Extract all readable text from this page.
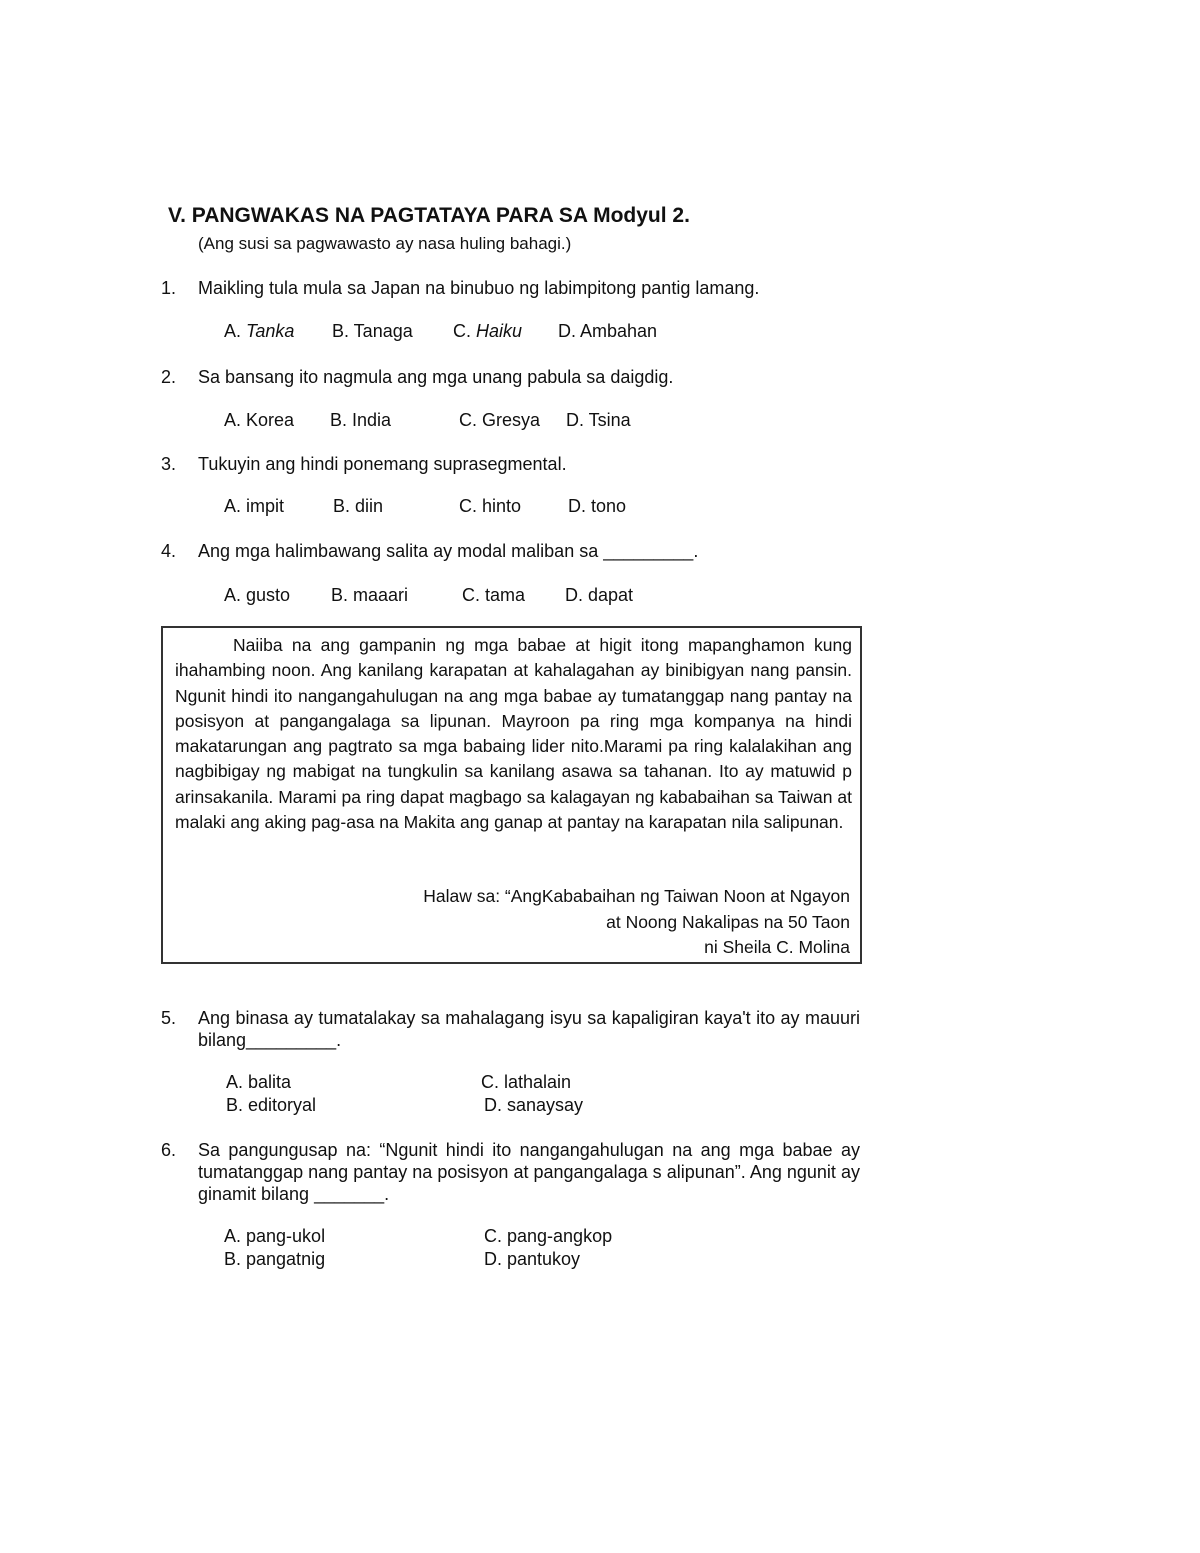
V. PANGWAKAS NA PAGTATAYA PARA SA Modyul 2.
(Ang susi sa pagwawasto ay nasa huling bahagi.)
1. Maikling tula mula sa Japan na binubuo ng labimpitong pantig lamang.
A. Tanka B. Tanaga C. Haiku D. Ambahan
2. Sa bansang ito nagmula ang mga unang pabula sa daigdig.
A. Korea B. India	C. Gresya D. Tsina
3. Tukuyin ang hindi ponemang suprasegmental.
A. impit	B. diin	C. hinto	D. tono
4. Ang mga halimbawang salita ay modal maliban sa _________.
A. gusto B. maaari	C. tama D. dapat

Naiiba na ang gampanin ng mga babae at higit itong mapanghamon kung ihahambing noon. Ang kanilang karapatan at kahalagahan ay binibigyan nang pansin. Ngunit hindi ito nangangahulugan na ang mga babae ay tumatanggap nang pantay na posisyon at pangangalaga sa lipunan. Mayroon pa ring mga kompanya na hindi makatarungan ang pagtrato sa mga babaing lider nito.Marami pa ring kalalakihan ang nagbibigay ng mabigat na tungkulin sa kanilang asawa sa tahanan. Ito ay matuwid p arinsakanila. Marami pa ring dapat magbago sa kalagayan ng kababaihan sa Taiwan at malaki ang aking pag-asa na Makita ang ganap at pantay na karapatan nila salipunan.

Halaw sa: “AngKababaihan ng Taiwan Noon at Ngayon
at Noong Nakalipas na 50 Taon
ni Sheila C. Molina
5. Ang binasa ay tumatalakay sa mahalagang isyu sa kapaligiran kaya't ito ay mauuri bilang_________.
A. balita
B. editoryal
C. lathalain
D. sanaysay
6. Sa pangungusap na: “Ngunit hindi ito nangangahulugan na ang mga babae ay tumatanggap nang pantay na posisyon at pangangalaga s alipunan”. Ang ngunit ay ginamit bilang _______.
A. pang-ukol
B. pangatnig
C. pang-angkop
D. pantukoy
